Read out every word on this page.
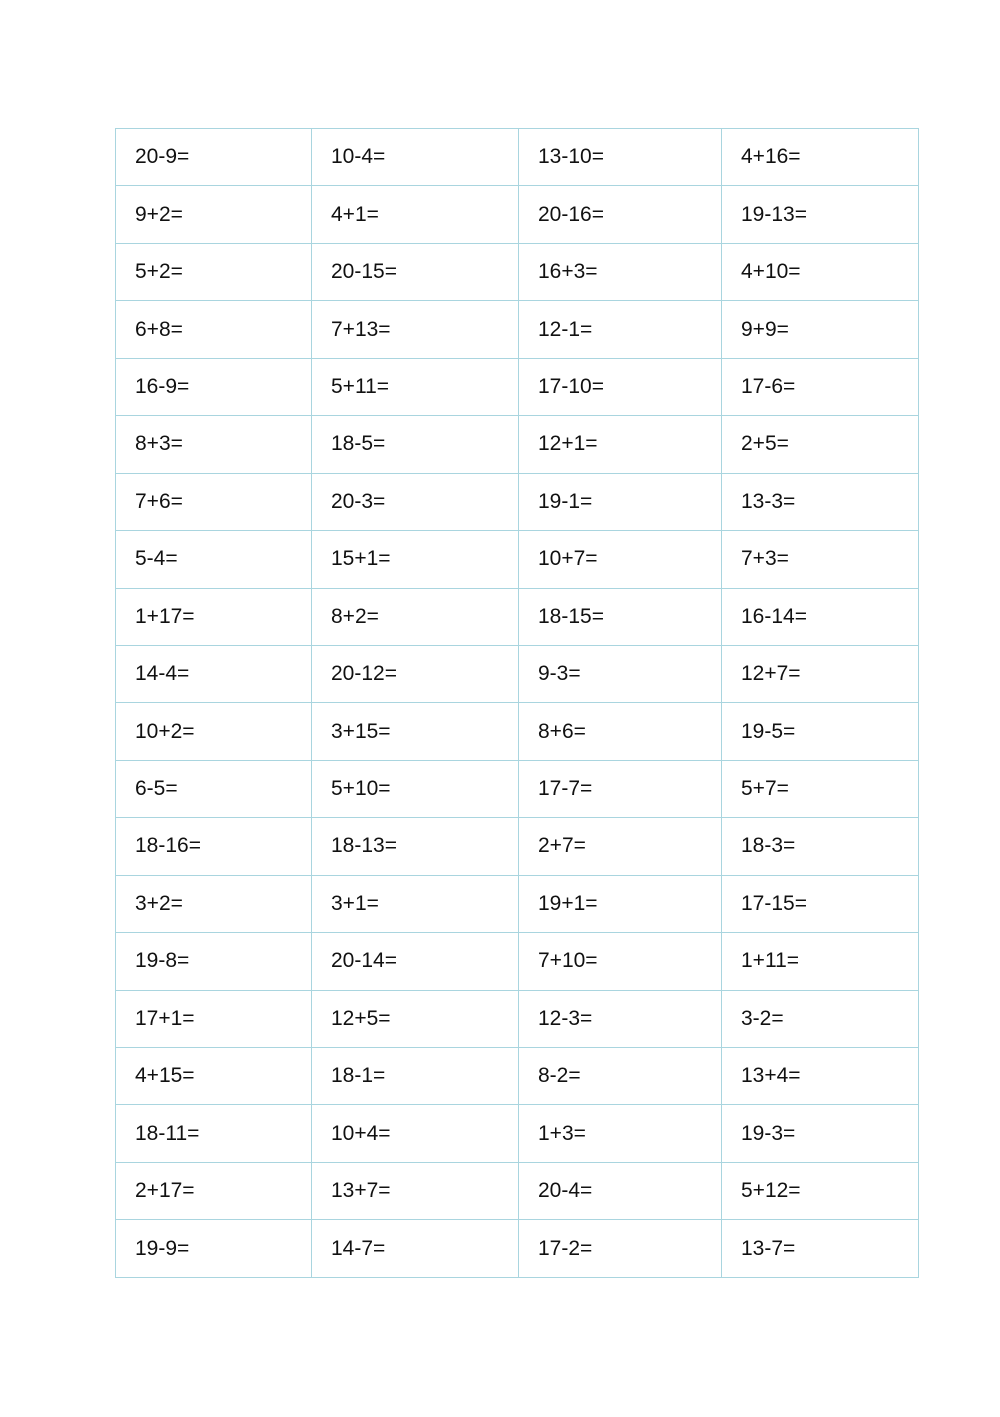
20-9=	10-4=	13-10=	4+16=
9+2=	4+1=	20-16=	19-13=
5+2=	20-15=	16+3=	4+10=
6+8=	7+13=	12-1=	9+9=
16-9=	5+11=	17-10=	17-6=
8+3=	18-5=	12+1=	2+5=
7+6=	20-3=	19-1=	13-3=
5-4=	15+1=	10+7=	7+3=
1+17=	8+2=	18-15=	16-14=
14-4=	20-12=	9-3=	12+7=
10+2=	3+15=	8+6=	19-5=
6-5=	5+10=	17-7=	5+7=
18-16=	18-13=	2+7=	18-3=
3+2=	3+1=	19+1=	17-15=
19-8=	20-14=	7+10=	1+11=
17+1=	12+5=	12-3=	3-2=
4+15=	18-1=	8-2=	13+4=
18-11=	10+4=	1+3=	19-3=
2+17=	13+7=	20-4=	5+12=
19-9=	14-7=	17-2=	13-7=
